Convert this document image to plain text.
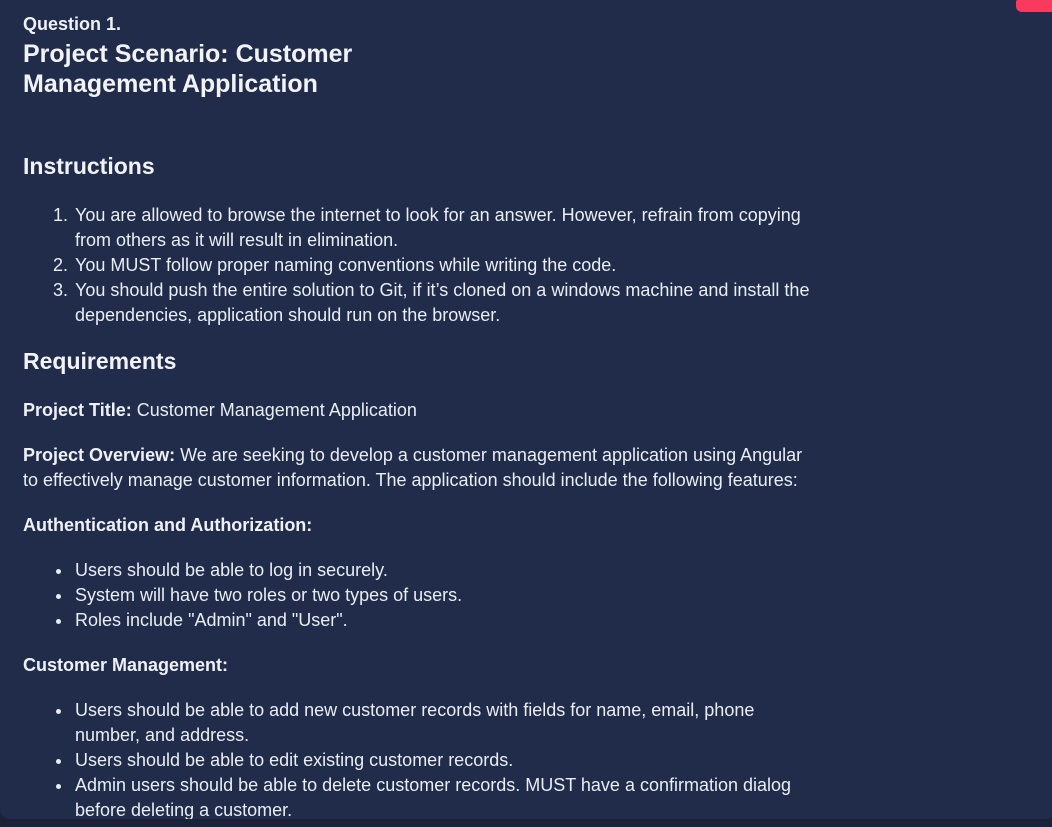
Question 1.
Project Scenario: Customer Management Application
Instructions
1. You are allowed to browse the internet to look for an answer. However, refrain from copying from others as it will result in elimination.
2. You MUST follow proper naming conventions while writing the code.
3. You should push the entire solution to Git, if it’s cloned on a windows machine and install the dependencies, application should run on the browser.
Requirements

Project Title: Customer Management Application

Project Overview: We are seeking to develop a customer management application using Angular to effectively manage customer information. The application should include the following features:

Authentication and Authorization:
• Users should be able to log in securely.
• System will have two roles or two types of users.
• Roles include "Admin" and "User".
Customer Management:
• Users should be able to add new customer records with fields for name, email, phone number, and address.
• Users should be able to edit existing customer records.
• Admin users should be able to delete customer records. MUST have a confirmation dialog before deleting a customer.
